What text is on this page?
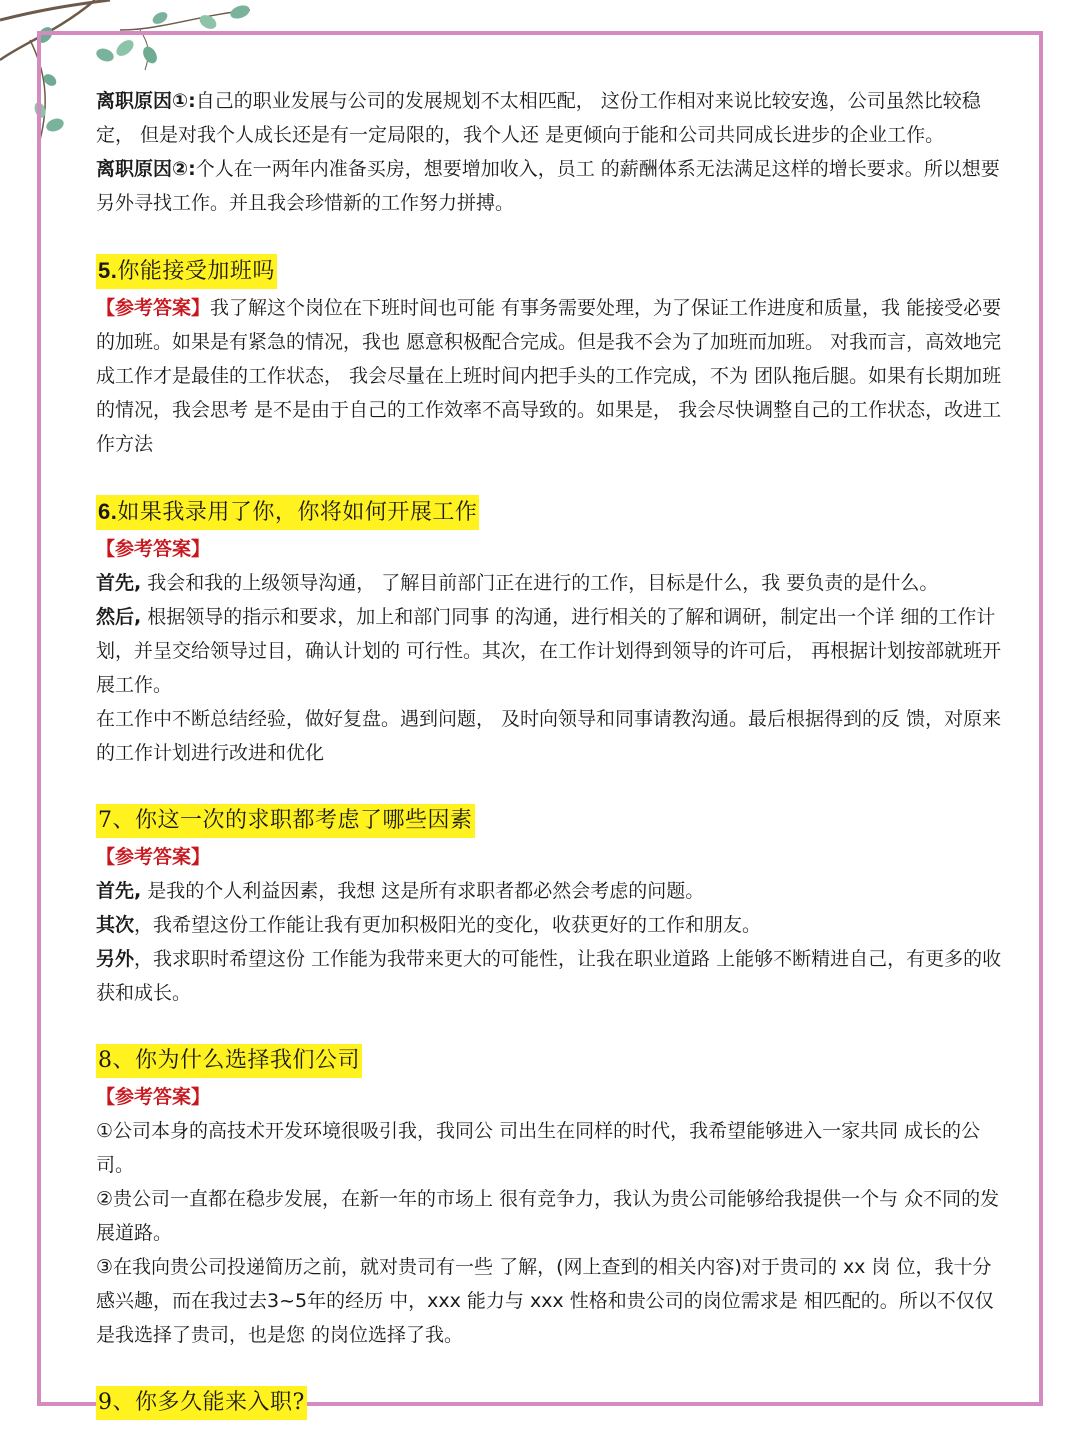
离职原因①:自己的职业发展与公司的发展规划不太相匹配， 这份工作相对来说比较安逸，公司虽然比较稳定， 但是对我个人成长还是有一定局限的，我个人还 是更倾向于能和公司共同成长进步的企业工作。

离职原因②:个人在一两年内准备买房，想要增加收入，员工 的薪酬体系无法满足这样的增长要求。所以想要 另外寻找工作。并且我会珍惜新的工作努力拼搏。

5.你能接受加班吗

【参考答案】我了解这个岗位在下班时间也可能 有事务需要处理，为了保证工作进度和质量，我 能接受必要的加班。如果是有紧急的情况，我也 愿意积极配合完成。但是我不会为了加班而加班。 对我而言，高效地完成工作才是最佳的工作状态， 我会尽量在上班时间内把手头的工作完成，不为 团队拖后腿。如果有长期加班的情况，我会思考 是不是由于自己的工作效率不高导致的。如果是， 我会尽快调整自己的工作状态，改进工作方法

6.如果我录用了你，你将如何开展工作

【参考答案】

首先, 我会和我的上级领导沟通， 了解目前部门正在进行的工作，目标是什么，我 要负责的是什么。

然后, 根据领导的指示和要求，加上和部门同事 的沟通，进行相关的了解和调研，制定出一个详 细的工作计划，并呈交给领导过目，确认计划的 可行性。其次，在工作计划得到领导的许可后， 再根据计划按部就班开展工作。

在工作中不断总结经验，做好复盘。遇到问题， 及时向领导和同事请教沟通。最后根据得到的反 馈，对原来的工作计划进行改进和优化

7、你这一次的求职都考虑了哪些因素

【参考答案】

首先, 是我的个人利益因素，我想 这是所有求职者都必然会考虑的问题。

其次，我希望这份工作能让我有更加积极阳光的变化，收获更好的工作和朋友。

另外，我求职时希望这份 工作能为我带来更大的可能性，让我在职业道路 上能够不断精进自己，有更多的收获和成长。

8、你为什么选择我们公司

【参考答案】

①公司本身的高技术开发环境很吸引我，我同公 司出生在同样的时代，我希望能够进入一家共同 成长的公司。

②贵公司一直都在稳步发展，在新一年的市场上 很有竞争力，我认为贵公司能够给我提供一个与 众不同的发展道路。

③在我向贵公司投递简历之前，就对贵司有一些 了解，(网上查到的相关内容)对于贵司的 xx 岗 位，我十分感兴趣，而在我过去3~5年的经历 中，xxx 能力与 xxx 性格和贵公司的岗位需求是 相匹配的。所以不仅仅是我选择了贵司，也是您 的岗位选择了我。

9、你多久能来入职?
